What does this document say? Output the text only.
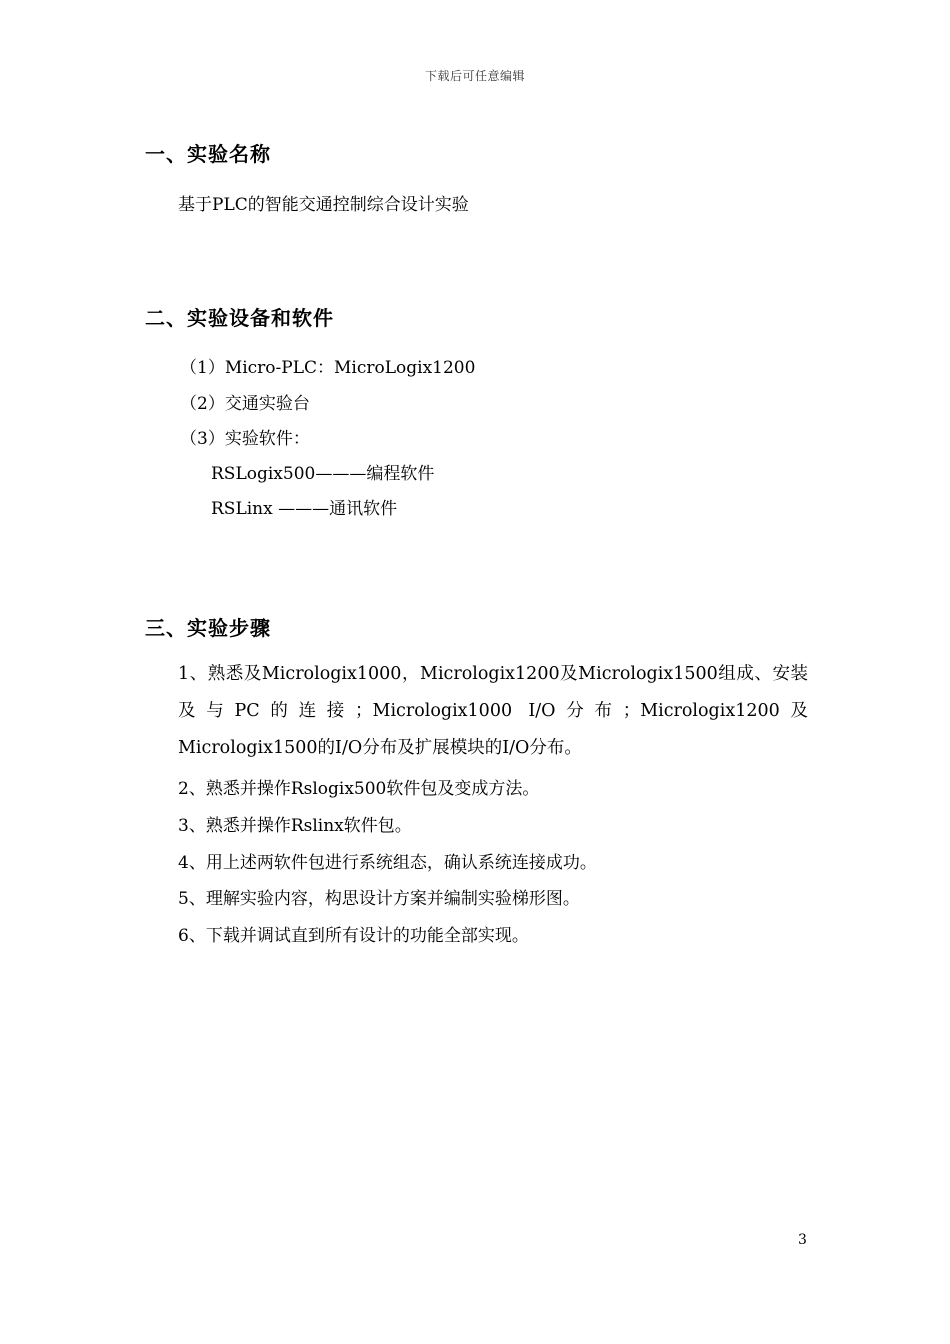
下载后可任意编辑
一、实验名称
基于PLC的智能交通控制综合设计实验
二、实验设备和软件
（1）Micro-PLC：MicroLogix1200
（2）交通实验台
（3）实验软件：
RSLogix500———编程软件
RSLinx ———通讯软件
三、实验步骤
1、熟悉及Micrologix1000，Micrologix1200及Micrologix1500组成、安装及与PC的连接；Micrologix1000 I/O分布；Micrologix1200及Micrologix1500的I/O分布及扩展模块的I/O分布。
2、熟悉并操作Rslogix500软件包及变成方法。
3、熟悉并操作Rslinx软件包。
4、用上述两软件包进行系统组态，确认系统连接成功。
5、理解实验内容，构思设计方案并编制实验梯形图。
6、下载并调试直到所有设计的功能全部实现。
3
